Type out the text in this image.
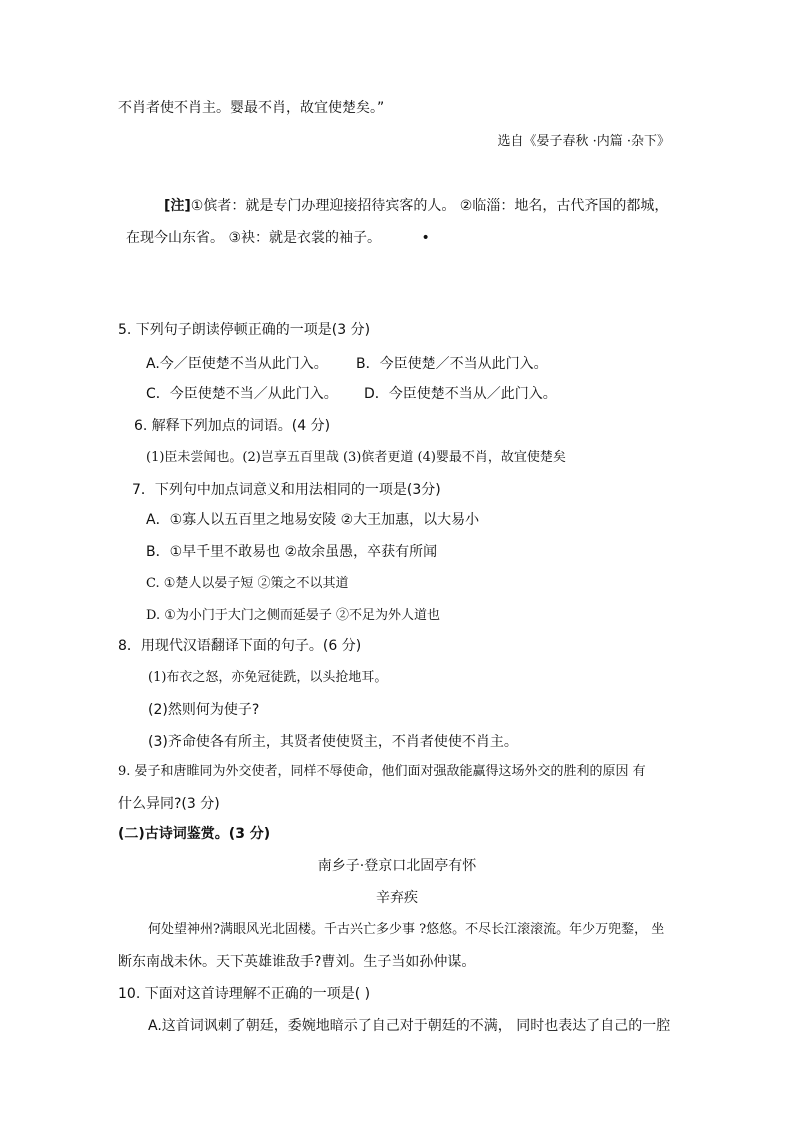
不肖者使不肖主。婴最不肖，故宜使楚矣。”
选自《晏子春秋 ·内篇 ·杂下》
[注]①傧者：就是专门办理迎接招待宾客的人。 ②临淄：地名，古代齐国的都城，
在现今山东省。 ③袂：就是衣裳的袖子。	•
5. 下列句子朗读停顿正确的一项是(3 分)
A.今／臣使楚不当从此门入。 B．今臣使楚／不当从此门入。
C．今臣使楚不当／从此门入。 D．今臣使楚不当从／此门入。
6. 解释下列加点的词语。(4 分)
(1)臣未尝闻也。(2)岂享五百里哉 (3)傧者更道 (4)婴最不肖，故宜使楚矣
7．下列句中加点词意义和用法相同的一项是(3分)
A．①寡人以五百里之地易安陵 ②大王加惠，以大易小
B．①早千里不敢易也 ②故余虽愚，卒获有所闻
C. ①楚人以晏子短 ②策之不以其道
D. ①为小门于大门之侧而延晏子 ②不足为外人道也
8．用现代汉语翻译下面的句子。(6 分)
(1)布衣之怒，亦免冠徒跣，以头抢地耳。
(2)然则何为使子?
(3)齐命使各有所主，其贤者使使贤主，不肖者使使不肖主。
9. 晏子和唐睢同为外交使者，同样不辱使命，他们面对强敌能赢得这场外交的胜利的原因 有
什么异同?(3 分)
(二)古诗词鉴赏。(3 分)
南乡子·登京口北固亭有怀
辛弃疾
何处望神州?满眼风光北固楼。千古兴亡多少事 ?悠悠。不尽长江滚滚流。年少万兜鍪， 坐
断东南战未休。天下英雄谁敌手?曹刘。生子当如孙仲谋。
10. 下面对这首诗理解不正确的一项是( )
A.这首词讽刺了朝廷，委婉地暗示了自己对于朝廷的不满， 同时也表达了自己的一腔
